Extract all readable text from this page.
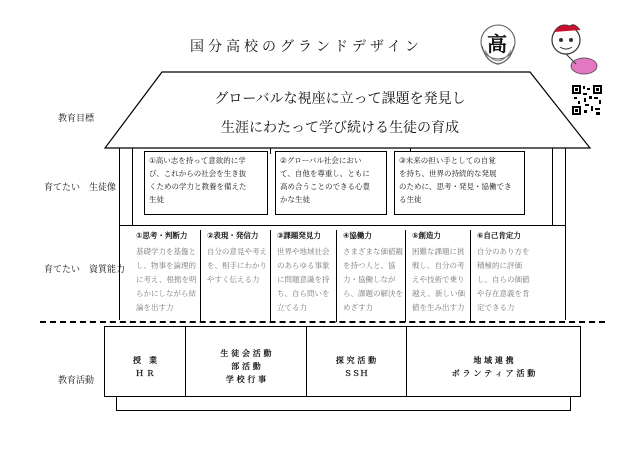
国分高校のグランドデザイン	高
教育目標
育てたい　生徒像
育てたい　資質能力
教育活動
グローバルな視座に立って課題を発見し
生涯にわたって学び続ける生徒の育成
①高い志を持って意欲的に学
び、これからの社会を生き抜
くための学力と教養を備えた
生徒
②グローバル社会におい
て、自他を尊重し、ともに
高め合うことのできる心豊
かな生徒
③未来の担い手としての自覚
を持ち、世界の持続的な発展
のために、思考・発見・協働でき
る生徒
①思考・判断力
基礎学力を基盤とし、物事を論理的に考え、根拠を明らかにしながら結論を出す力
②表現・発信力
自分の意見や考えを、相手にわかりやすく伝える力
③課題発見力
世界や地域社会のあらゆる事象に問題意識を持ち、自ら問いを立てる力
④協働力
さまざまな価値観を持つ人と、協力・協働しながら、課題の解決をめざす力
⑤創造力
困難な課題に挑戦し、自分の考えや技術で乗り越え、新しい価値を生み出す力
⑥自己肯定力
自分のあり方を積極的に評価し、自らの価値や存在意義を肯定できる力
授　業
Ｈ Ｒ
生 徒 会 活 動
部 活 動
学 校 行 事
探 究 活 動
ＳＳＨ
地 域 連 携
ボ ラ ン テ ィ ア 活 動
